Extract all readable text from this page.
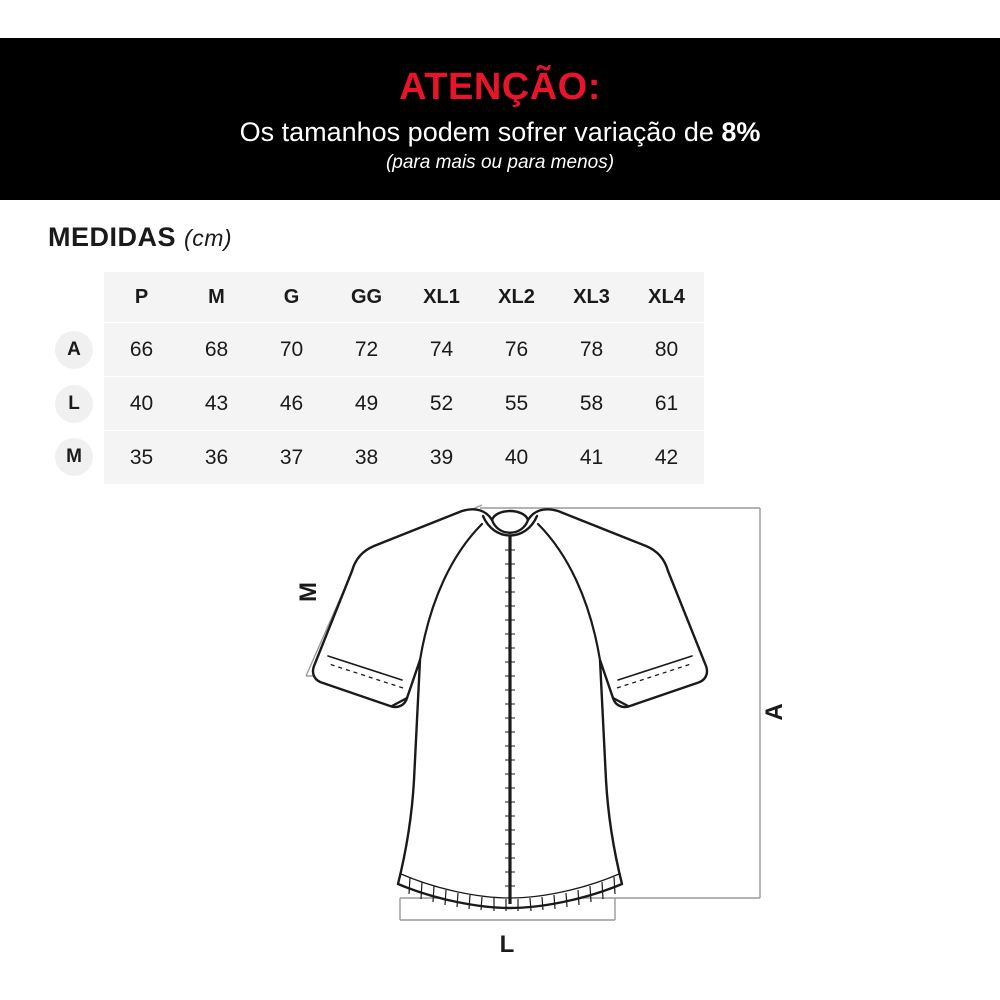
ATENÇÃO:
Os tamanhos podem sofrer variação de 8%
(para mais ou para menos)
MEDIDAS (cm)
	P	M	G	GG	XL1	XL2	XL3	XL4
A	66	68	70	72	74	76	78	80
L	40	43	46	49	52	55	58	61
M	35	36	37	38	39	40	41	42
M
A
L
